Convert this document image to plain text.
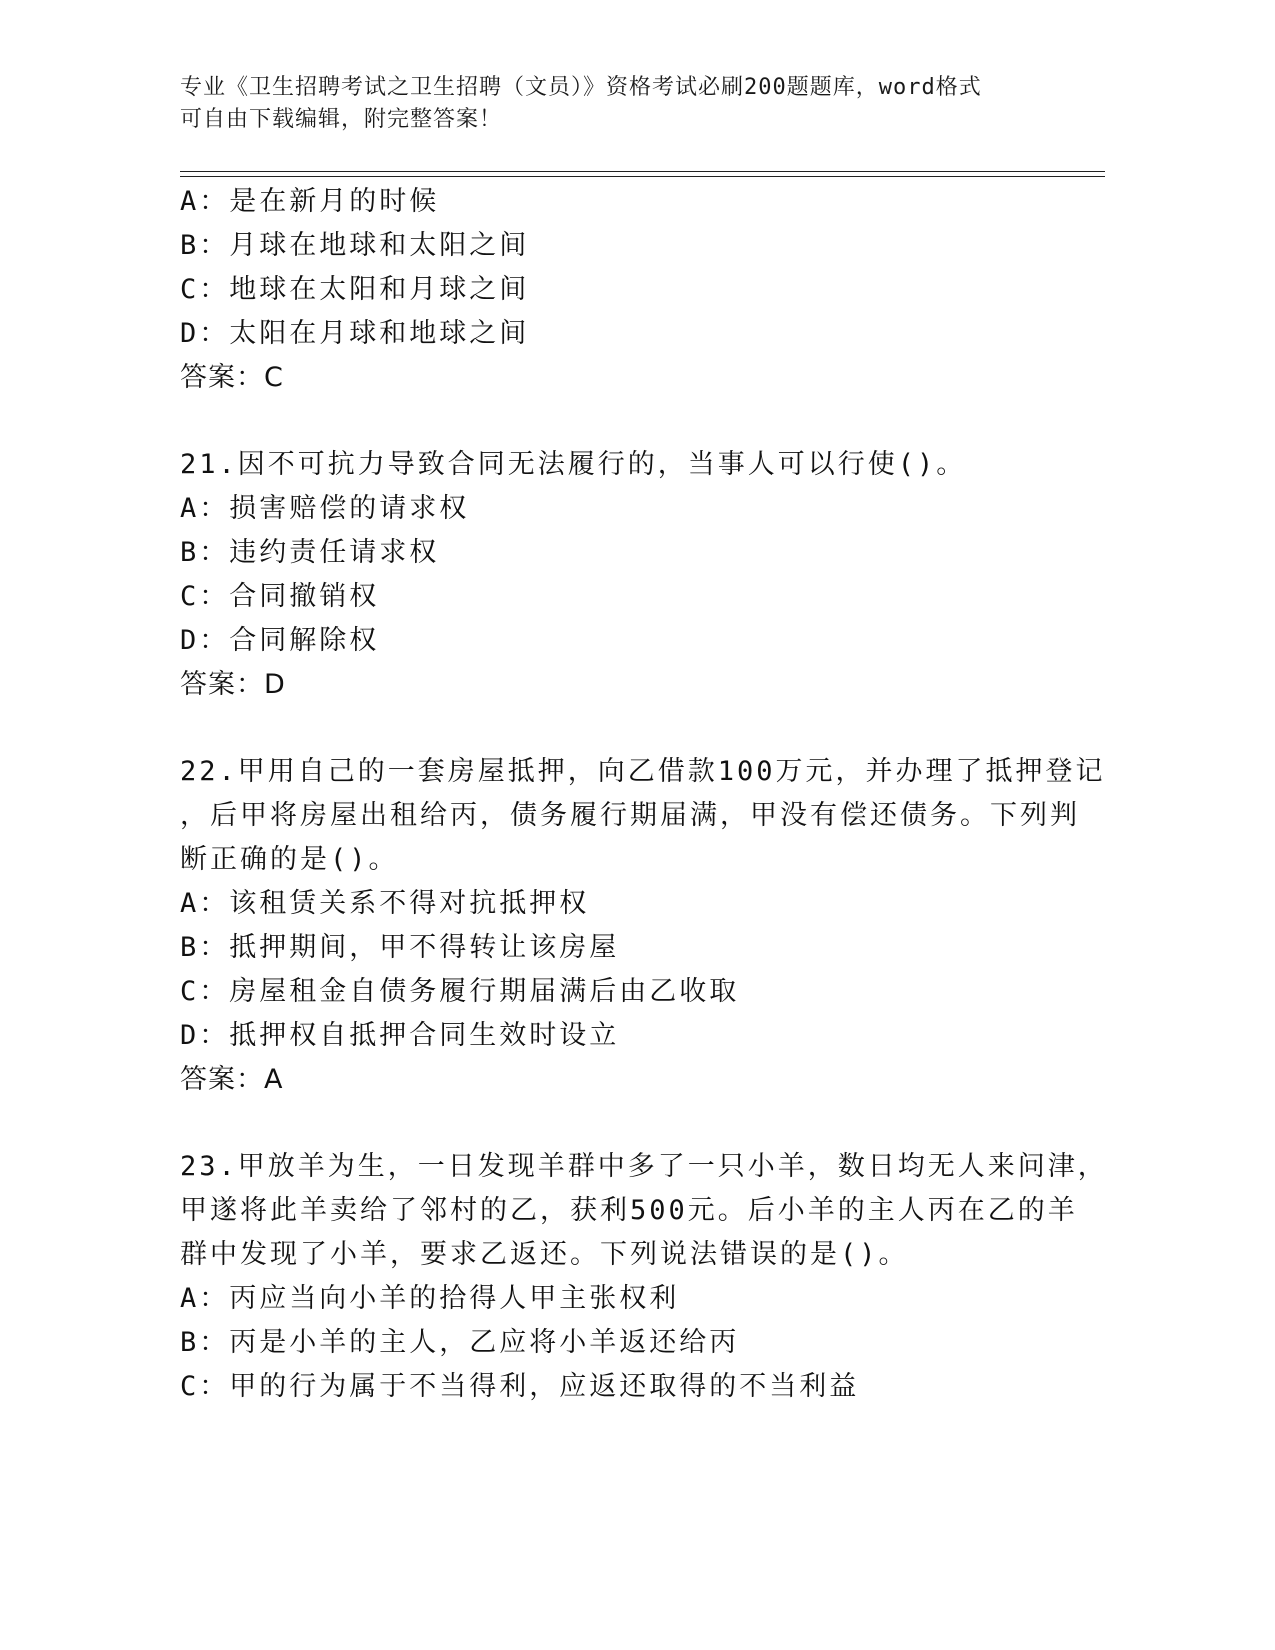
专业《卫生招聘考试之卫生招聘（文员）》资格考试必刷200题题库，word格式
可自由下载编辑，附完整答案！
A：是在新月的时候
B：月球在地球和太阳之间
C：地球在太阳和月球之间
D：太阳在月球和地球之间
答案：C
21.因不可抗力导致合同无法履行的，当事人可以行使()。
A：损害赔偿的请求权
B：违约责任请求权
C：合同撤销权
D：合同解除权
答案：D
22.甲用自己的一套房屋抵押，向乙借款100万元，并办理了抵押登记
，后甲将房屋出租给丙，债务履行期届满，甲没有偿还债务。下列判
断正确的是()。
A：该租赁关系不得对抗抵押权
B：抵押期间，甲不得转让该房屋
C：房屋租金自债务履行期届满后由乙收取
D：抵押权自抵押合同生效时设立
答案：A
23.甲放羊为生，一日发现羊群中多了一只小羊，数日均无人来问津，
甲遂将此羊卖给了邻村的乙，获利500元。后小羊的主人丙在乙的羊
群中发现了小羊，要求乙返还。下列说法错误的是()。
A：丙应当向小羊的拾得人甲主张权利
B：丙是小羊的主人，乙应将小羊返还给丙
C：甲的行为属于不当得利，应返还取得的不当利益
